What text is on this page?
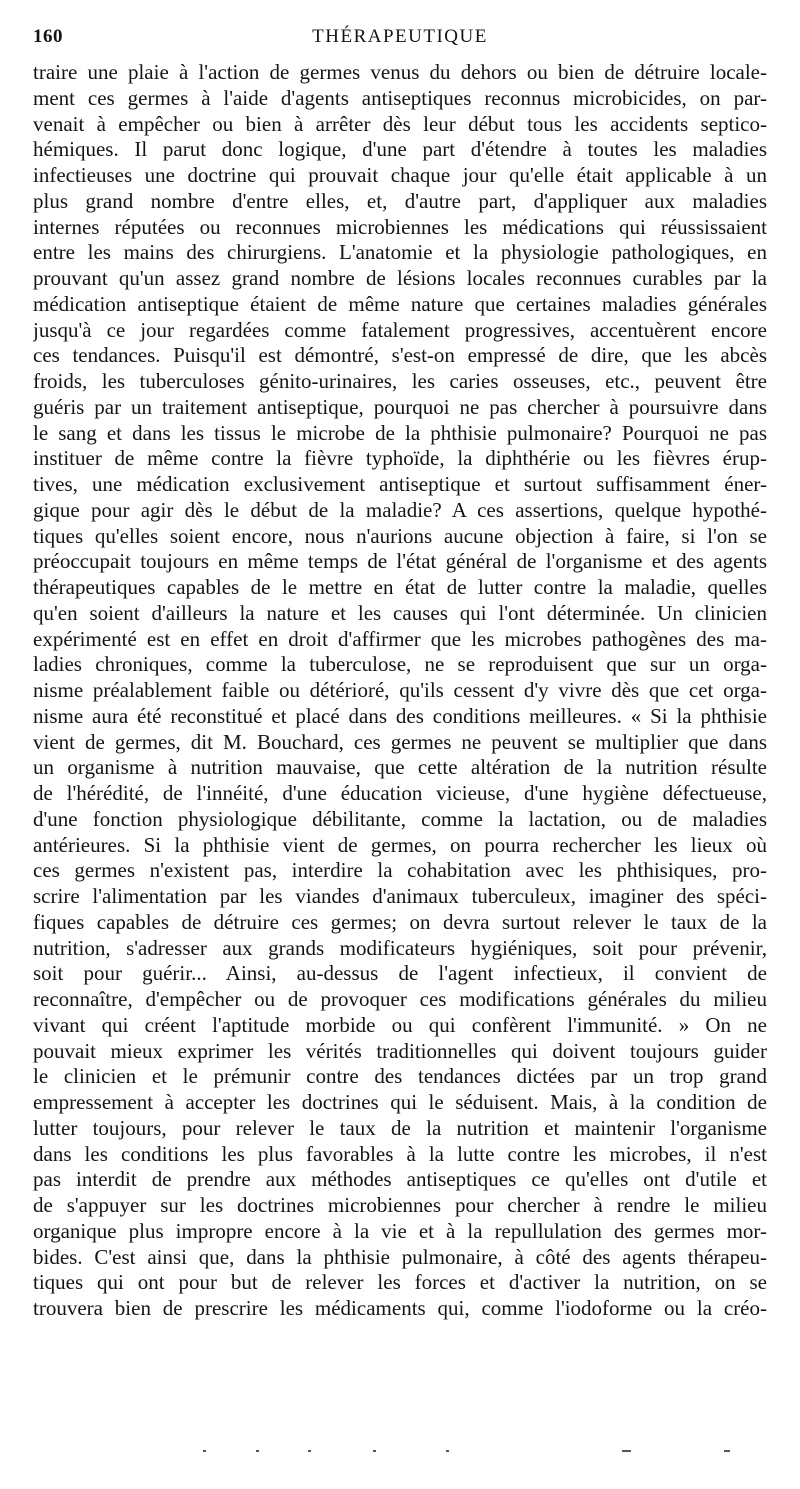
160	THÉRAPEUTIQUE
traire une plaie à l'action de germes venus du dehors ou bien de détruire locale-
ment ces germes à l'aide d'agents antiseptiques reconnus microbicides, on par-
venait à empêcher ou bien à arrêter dès leur début tous les accidents septico-
hémiques. Il parut donc logique, d'une part d'étendre à toutes les maladies
infectieuses une doctrine qui prouvait chaque jour qu'elle était applicable à un
plus grand nombre d'entre elles, et, d'autre part, d'appliquer aux maladies
internes réputées ou reconnues microbiennes les médications qui réussissaient
entre les mains des chirurgiens. L'anatomie et la physiologie pathologiques, en
prouvant qu'un assez grand nombre de lésions locales reconnues curables par la
médication antiseptique étaient de même nature que certaines maladies générales
jusqu'à ce jour regardées comme fatalement progressives, accentuèrent encore
ces tendances. Puisqu'il est démontré, s'est-on empressé de dire, que les abcès
froids, les tuberculoses génito-urinaires, les caries osseuses, etc., peuvent être
guéris par un traitement antiseptique, pourquoi ne pas chercher à poursuivre dans
le sang et dans les tissus le microbe de la phthisie pulmonaire? Pourquoi ne pas
instituer de même contre la fièvre typhoïde, la diphthérie ou les fièvres érup-
tives, une médication exclusivement antiseptique et surtout suffisamment éner-
gique pour agir dès le début de la maladie? A ces assertions, quelque hypothé-
tiques qu'elles soient encore, nous n'aurions aucune objection à faire, si l'on se
préoccupait toujours en même temps de l'état général de l'organisme et des agents
thérapeutiques capables de le mettre en état de lutter contre la maladie, quelles
qu'en soient d'ailleurs la nature et les causes qui l'ont déterminée. Un clinicien
expérimenté est en effet en droit d'affirmer que les microbes pathogènes des ma-
ladies chroniques, comme la tuberculose, ne se reproduisent que sur un orga-
nisme préalablement faible ou détérioré, qu'ils cessent d'y vivre dès que cet orga-
nisme aura été reconstitué et placé dans des conditions meilleures. « Si la phthisie
vient de germes, dit M. Bouchard, ces germes ne peuvent se multiplier que dans
un organisme à nutrition mauvaise, que cette altération de la nutrition résulte
de l'hérédité, de l'innéité, d'une éducation vicieuse, d'une hygiène défectueuse,
d'une fonction physiologique débilitante, comme la lactation, ou de maladies
antérieures. Si la phthisie vient de germes, on pourra rechercher les lieux où
ces germes n'existent pas, interdire la cohabitation avec les phthisiques, pro-
scrire l'alimentation par les viandes d'animaux tuberculeux, imaginer des spéci-
fiques capables de détruire ces germes; on devra surtout relever le taux de la
nutrition, s'adresser aux grands modificateurs hygiéniques, soit pour prévenir,
soit pour guérir... Ainsi, au-dessus de l'agent infectieux, il convient de
reconnaître, d'empêcher ou de provoquer ces modifications générales du milieu
vivant qui créent l'aptitude morbide ou qui confèrent l'immunité. » On ne
pouvait mieux exprimer les vérités traditionnelles qui doivent toujours guider
le clinicien et le prémunir contre des tendances dictées par un trop grand
empressement à accepter les doctrines qui le séduisent. Mais, à la condition de
lutter toujours, pour relever le taux de la nutrition et maintenir l'organisme
dans les conditions les plus favorables à la lutte contre les microbes, il n'est
pas interdit de prendre aux méthodes antiseptiques ce qu'elles ont d'utile et
de s'appuyer sur les doctrines microbiennes pour chercher à rendre le milieu
organique plus impropre encore à la vie et à la repullulation des germes mor-
bides. C'est ainsi que, dans la phthisie pulmonaire, à côté des agents thérapeu-
tiques qui ont pour but de relever les forces et d'activer la nutrition, on se
trouvera bien de prescrire les médicaments qui, comme l'iodoforme ou la créo-
